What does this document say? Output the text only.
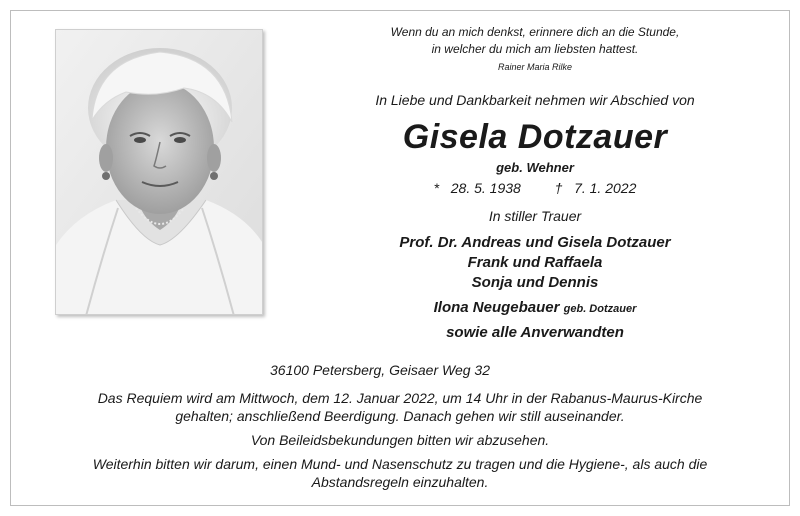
Wenn du an mich denkst, erinnere dich an die Stunde,
in welcher du mich am liebsten hattest.
Rainer Maria Rilke
In Liebe und Dankbarkeit nehmen wir Abschied von
Gisela Dotzauer
geb. Wehner
* 28. 5. 1938 † 7. 1. 2022
In stiller Trauer
Prof. Dr. Andreas und Gisela Dotzauer
Frank und Raffaela
Sonja und Dennis
Ilona Neugebauer geb. Dotzauer
sowie alle Anverwandten
36100 Petersberg, Geisaer Weg 32
Das Requiem wird am Mittwoch, dem 12. Januar 2022, um 14 Uhr in der Rabanus-Maurus-Kirche
gehalten; anschließend Beerdigung. Danach gehen wir still auseinander.
Von Beileidsbekundungen bitten wir abzusehen.
Weiterhin bitten wir darum, einen Mund- und Nasenschutz zu tragen und die Hygiene-, als auch die
Abstandsregeln einzuhalten.
